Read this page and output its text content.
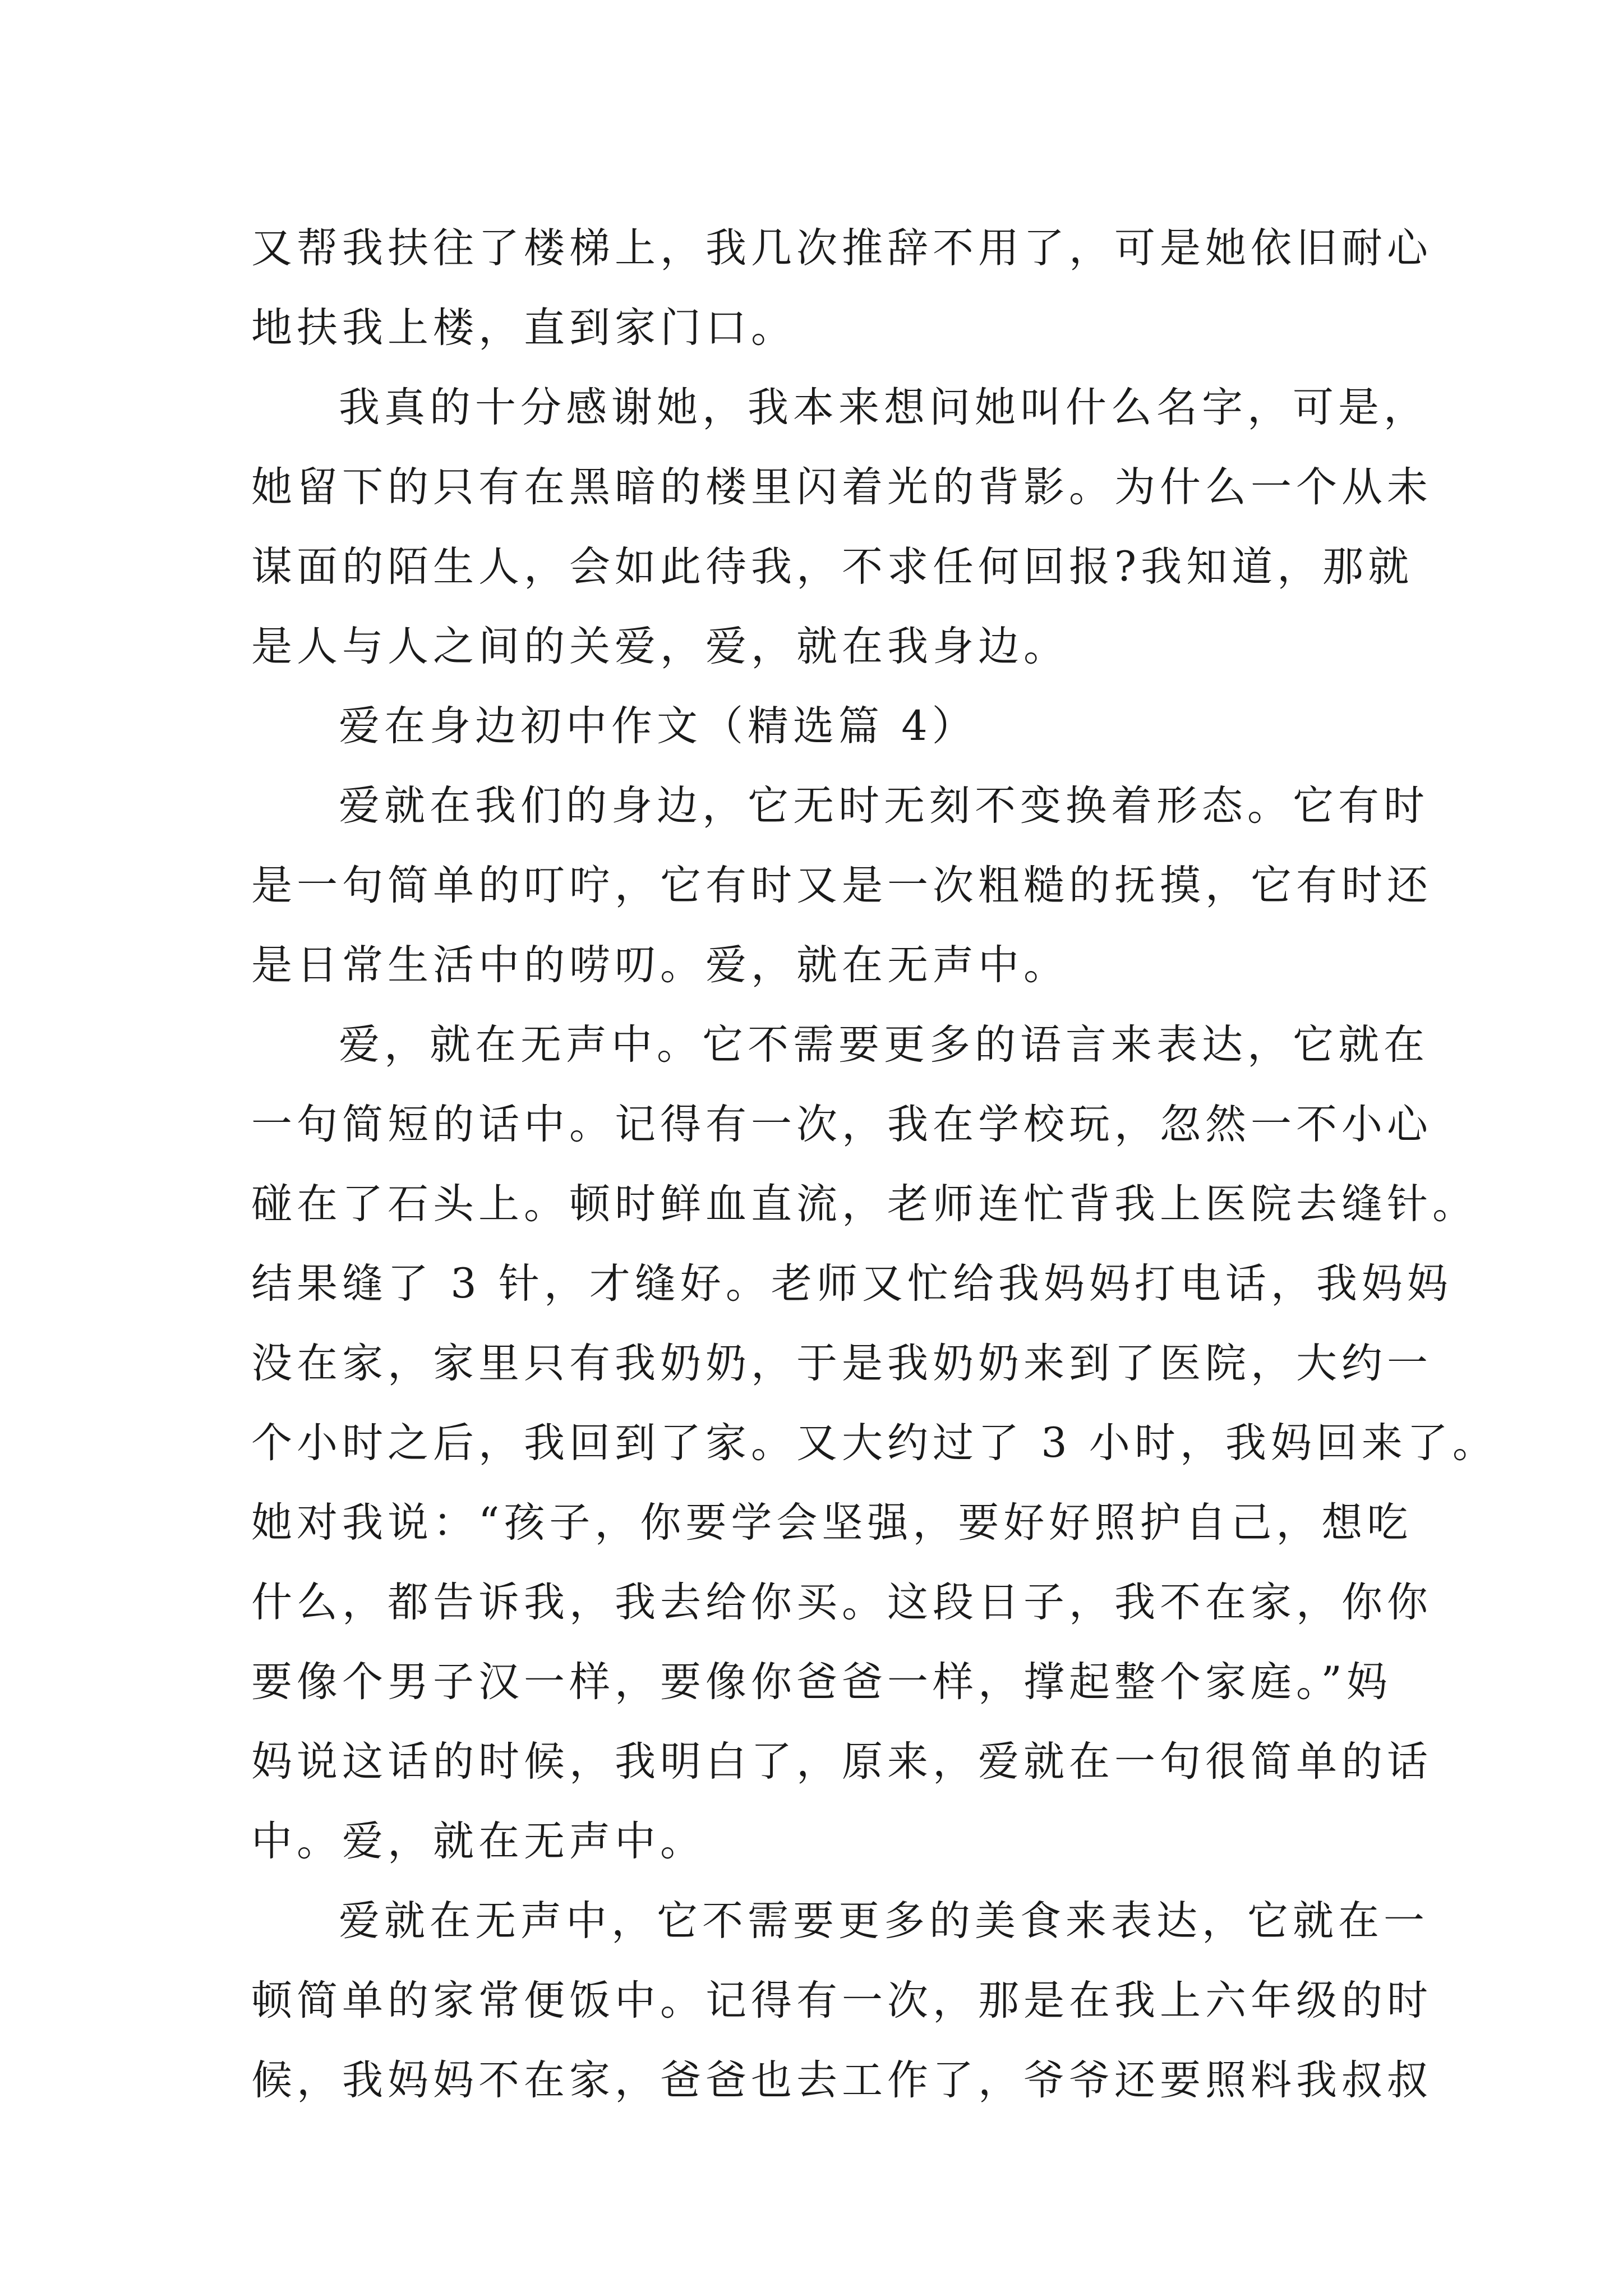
又帮我扶往了楼梯上，我几次推辞不用了，可是她依旧耐心
地扶我上楼，直到家门口。

我真的十分感谢她，我本来想问她叫什么名字，可是，
她留下的只有在黑暗的楼里闪着光的背影。为什么一个从未
谋面的陌生人，会如此待我，不求任何回报?我知道，那就
是人与人之间的关爱，爱，就在我身边。

爱在身边初中作文（精选篇 4）

爱就在我们的身边，它无时无刻不变换着形态。它有时
是一句简单的叮咛，它有时又是一次粗糙的抚摸，它有时还
是日常生活中的唠叨。爱，就在无声中。

爱，就在无声中。它不需要更多的语言来表达，它就在
一句简短的话中。记得有一次，我在学校玩，忽然一不小心
碰在了石头上。顿时鲜血直流，老师连忙背我上医院去缝针。
结果缝了 3 针，才缝好。老师又忙给我妈妈打电话，我妈妈
没在家，家里只有我奶奶，于是我奶奶来到了医院，大约一
个小时之后，我回到了家。又大约过了 3 小时，我妈回来了。
她对我说：“孩子，你要学会坚强，要好好照护自己，想吃
什么，都告诉我，我去给你买。这段日子，我不在家，你你
要像个男子汉一样，要像你爸爸一样，撑起整个家庭。”妈
妈说这话的时候，我明白了，原来，爱就在一句很简单的话
中。爱，就在无声中。

爱就在无声中，它不需要更多的美食来表达，它就在一
顿简单的家常便饭中。记得有一次，那是在我上六年级的时
候，我妈妈不在家，爸爸也去工作了，爷爷还要照料我叔叔
